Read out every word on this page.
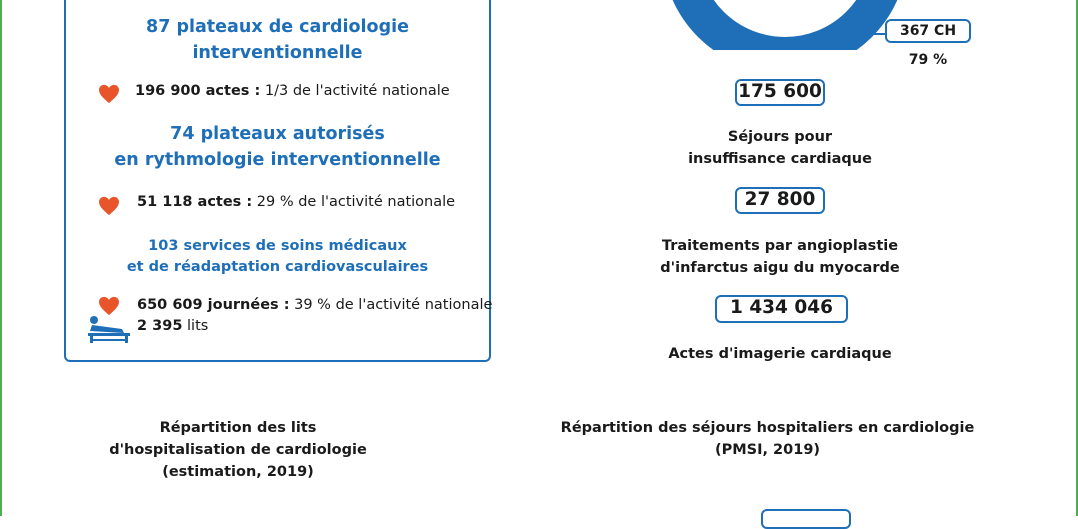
87 plateaux de cardiologie
interventionnelle
196 900 actes : 1/3 de l'activité nationale
74 plateaux autorisés
en rythmologie interventionnelle
51 118 actes : 29 % de l'activité nationale
103 services de soins médicaux
et de réadaptation cardiovasculaires
650 609 journées : 39 % de l'activité nationale
2 395 lits
367 CH
79 %
175 600
Séjours pour
insuffisance cardiaque
27 800
Traitements par angioplastie
d'infarctus aigu du myocarde
1 434 046
Actes d'imagerie cardiaque
Répartition des lits
d'hospitalisation de cardiologie
(estimation, 2019)
Répartition des séjours hospitaliers en cardiologie
(PMSI, 2019)
